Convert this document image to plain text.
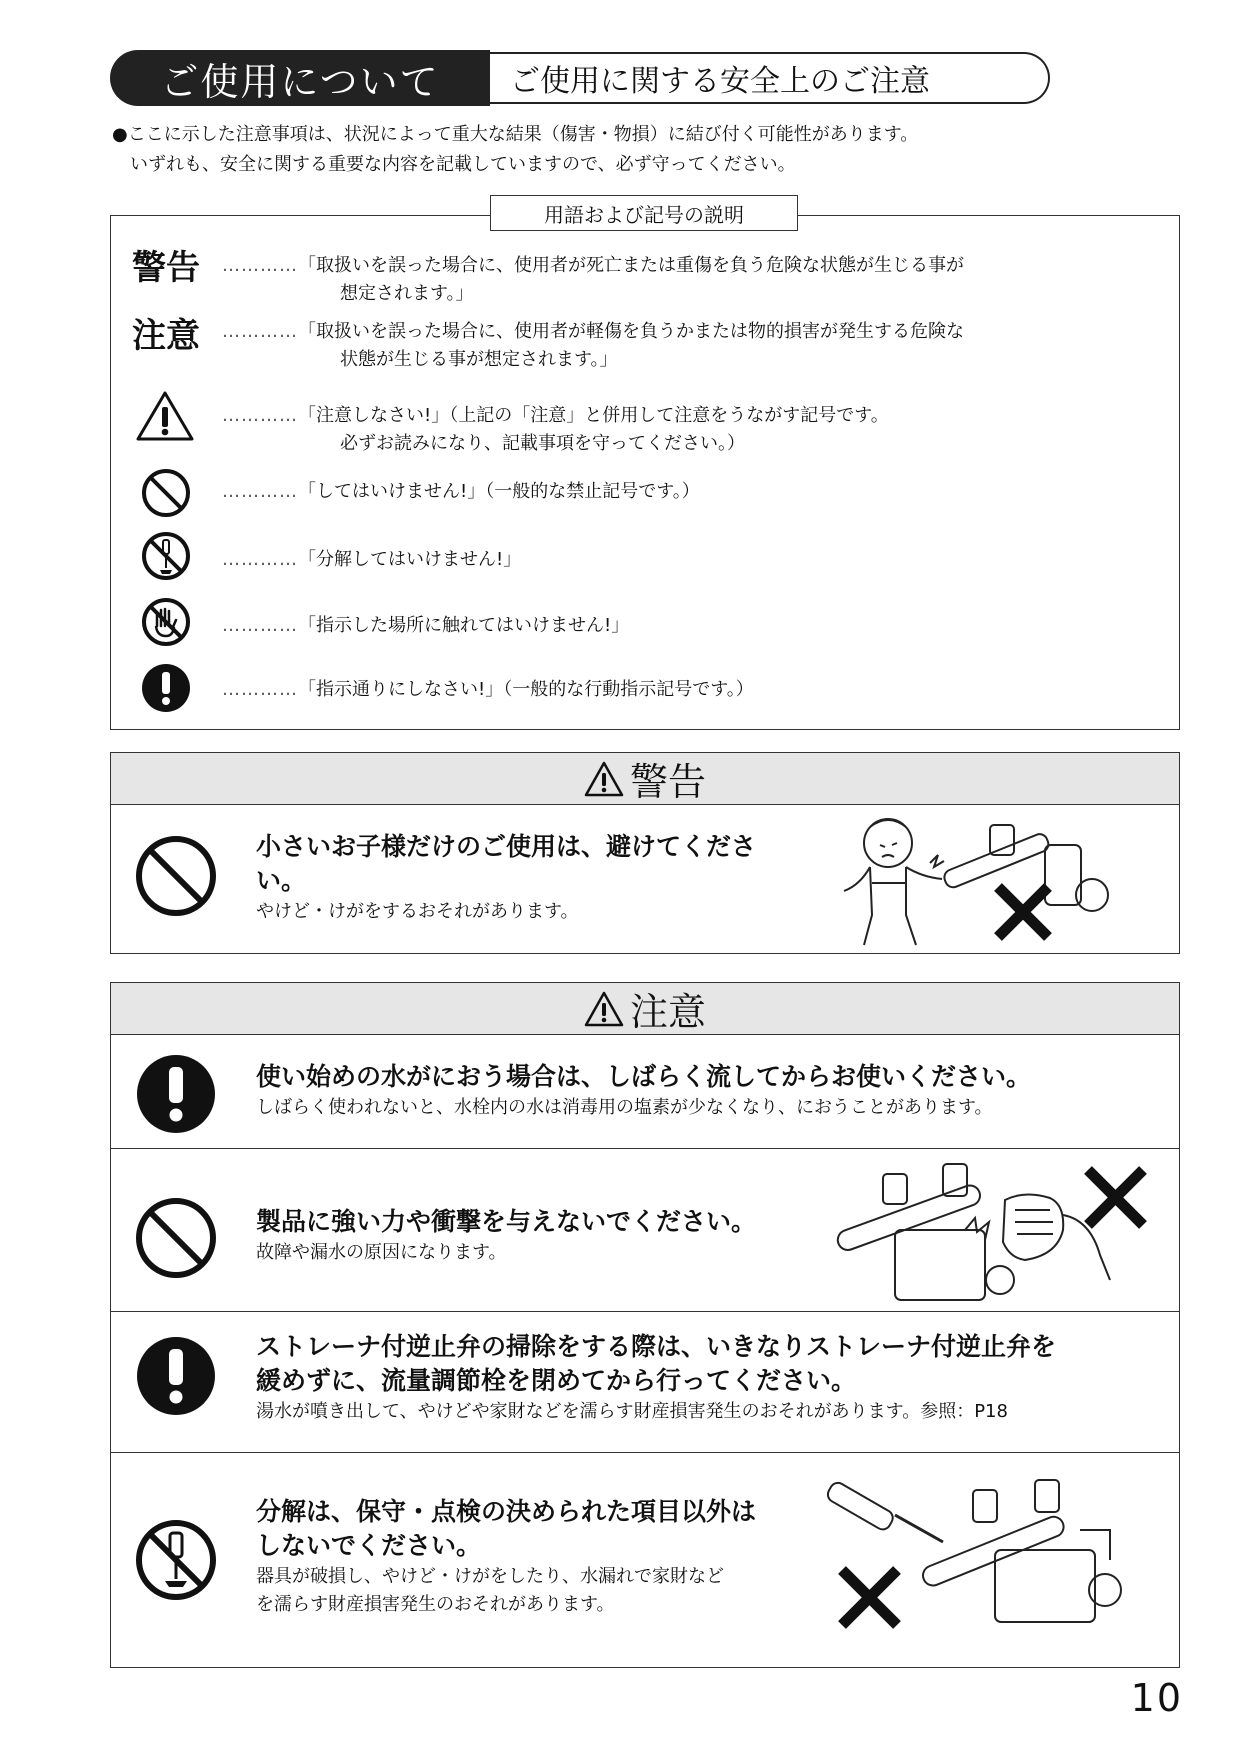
ご使用について	ご使用に関する安全上のご注意
●ここに示した注意事項は、状況によって重大な結果（傷害・物損）に結び付く可能性があります。
いずれも、安全に関する重要な内容を記載していますので、必ず守ってください。
用語および記号の説明
警告 …………「取扱いを誤った場合に、使用者が死亡または重傷を負う危険な状態が生じる事が
想定されます。」
注意 …………「取扱いを誤った場合に、使用者が軽傷を負うかまたは物的損害が発生する危険な
状態が生じる事が想定されます。」
…………「注意しなさい!」（上記の「注意」と併用して注意をうながす記号です。
必ずお読みになり、記載事項を守ってください。）
…………「してはいけません!」（一般的な禁止記号です。）
…………「分解してはいけません!」
…………「指示した場所に触れてはいけません!」
…………「指示通りにしなさい!」（一般的な行動指示記号です。）
警告
小さいお子様だけのご使用は、避けてくださ
い。
やけど・けがをするおそれがあります。
注意
使い始めの水がにおう場合は、しばらく流してからお使いください。
しばらく使われないと、水栓内の水は消毒用の塩素が少なくなり、におうことがあります。
製品に強い力や衝撃を与えないでください。
故障や漏水の原因になります。
ストレーナ付逆止弁の掃除をする際は、いきなりストレーナ付逆止弁を
緩めずに、流量調節栓を閉めてから行ってください。
湯水が噴き出して、やけどや家財などを濡らす財産損害発生のおそれがあります。参照：P18
分解は、保守・点検の決められた項目以外は
しないでください。
器具が破損し、やけど・けがをしたり、水漏れで家財など
を濡らす財産損害発生のおそれがあります。
10
